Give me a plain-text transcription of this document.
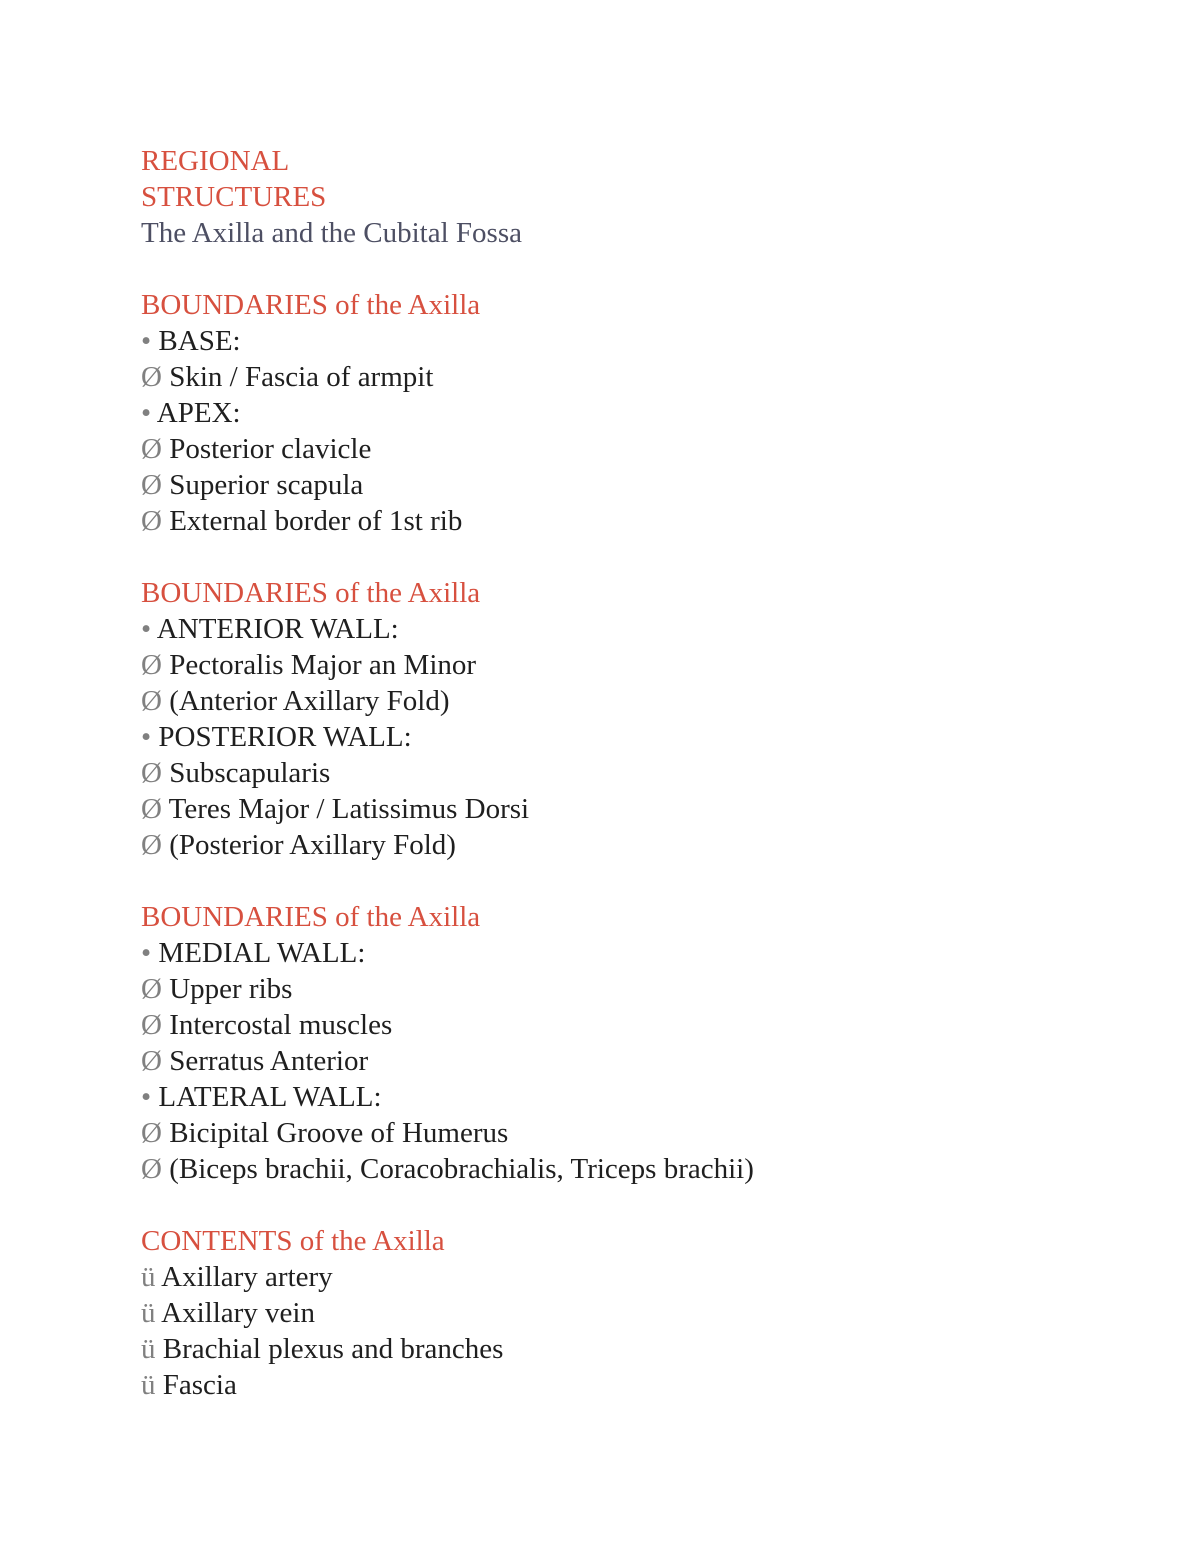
REGIONAL
STRUCTURES
The Axilla and the Cubital Fossa
BOUNDARIES of the Axilla
• BASE:
Ø Skin / Fascia of armpit
• APEX:
Ø Posterior clavicle
Ø Superior scapula
Ø External border of 1st rib
BOUNDARIES of the Axilla
• ANTERIOR WALL:
Ø Pectoralis Major an Minor
Ø (Anterior Axillary Fold)
• POSTERIOR WALL:
Ø Subscapularis
Ø Teres Major / Latissimus Dorsi
Ø (Posterior Axillary Fold)
BOUNDARIES of the Axilla
• MEDIAL WALL:
Ø Upper ribs
Ø Intercostal muscles
Ø Serratus Anterior
• LATERAL WALL:
Ø Bicipital Groove of Humerus
Ø (Biceps brachii, Coracobrachialis, Triceps brachii)
CONTENTS of the Axilla
ü Axillary artery
ü Axillary vein
ü Brachial plexus and branches
ü Fascia
